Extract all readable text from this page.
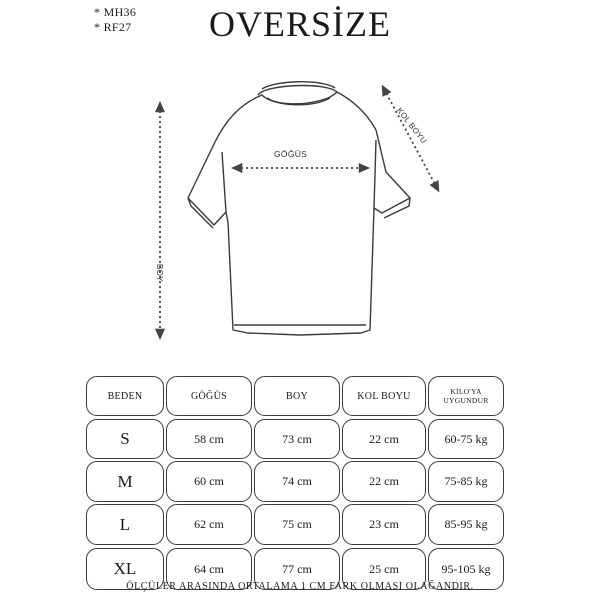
* MH36
* RF27	OVERSİZE
GÖĞÜS
BOY
KOL BOYU
BEDEN	GÖĞÜS	BOY	KOL BOYU	KİLO'YA
UYGUNDUR
S	58 cm	73 cm	22 cm	60-75 kg
M	60 cm	74 cm	22 cm	75-85 kg
L	62 cm	75 cm	23 cm	85-95 kg
XL	64 cm	77 cm	25 cm	95-105 kg
ÖLÇÜLER ARASINDA ORTALAMA 1 CM FARK OLMASI OLAĞANDIR.
